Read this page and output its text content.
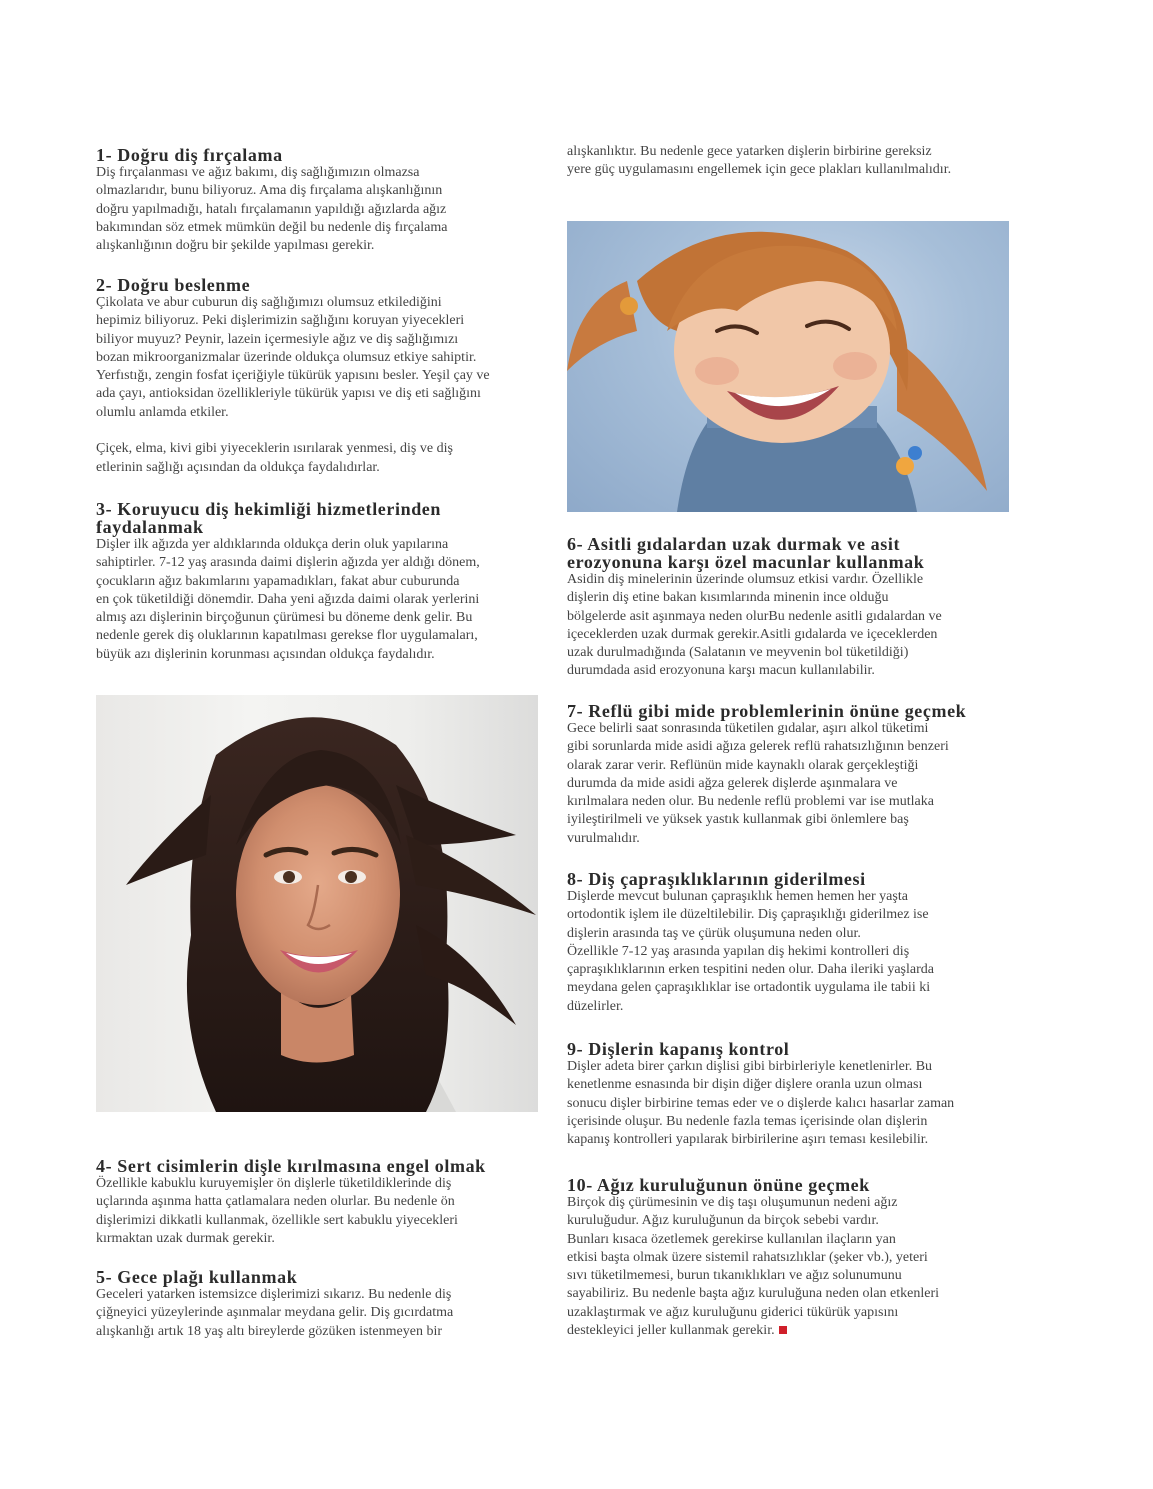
1- Doğru diş fırçalama

Diş fırçalanması ve ağız bakımı, diş sağlığımızın olmazsa
olmazlarıdır, bunu biliyoruz. Ama diş fırçalama alışkanlığının
doğru yapılmadığı, hatalı fırçalamanın yapıldığı ağızlarda ağız
bakımından söz etmek mümkün değil bu nedenle diş fırçalama
alışkanlığının doğru bir şekilde yapılması gerekir.

2- Doğru beslenme

Çikolata ve abur cuburun diş sağlığımızı olumsuz etkilediğini
hepimiz biliyoruz. Peki dişlerimizin sağlığını koruyan yiyecekleri
biliyor muyuz? Peynir, lazein içermesiyle ağız ve diş sağlığımızı
bozan mikroorganizmalar üzerinde oldukça olumsuz etkiye sahiptir.
Yerfıstığı, zengin fosfat içeriğiyle tükürük yapısını besler. Yeşil çay ve
ada çayı, antioksidan özellikleriyle tükürük yapısı ve diş eti sağlığını
olumlu anlamda etkiler.

Çiçek, elma, kivi gibi yiyeceklerin ısırılarak yenmesi, diş ve diş
etlerinin sağlığı açısından da oldukça faydalıdırlar.

3- Koruyucu diş hekimliği hizmetlerinden
faydalanmak

Dişler ilk ağızda yer aldıklarında oldukça derin oluk yapılarına
sahiptirler. 7-12 yaş arasında daimi dişlerin ağızda yer aldığı dönem,
çocukların ağız bakımlarını yapamadıkları, fakat abur cuburunda
en çok tüketildiği dönemdir. Daha yeni ağızda daimi olarak yerlerini
almış azı dişlerinin birçoğunun çürümesi bu döneme denk gelir. Bu
nedenle gerek diş oluklarının kapatılması gerekse flor uygulamaları,
büyük azı dişlerinin korunması açısından oldukça faydalıdır.

4- Sert cisimlerin dişle kırılmasına engel olmak

Özellikle kabuklu kuruyemişler ön dişlerle tüketildiklerinde diş
uçlarında aşınma hatta çatlamalara neden olurlar. Bu nedenle ön
dişlerimizi dikkatli kullanmak, özellikle sert kabuklu yiyecekleri
kırmaktan uzak durmak gerekir.

5- Gece plağı kullanmak

Geceleri yatarken istemsizce dişlerimizi sıkarız. Bu nedenle diş
çiğneyici yüzeylerinde aşınmalar meydana gelir. Diş gıcırdatma
alışkanlığı artık 18 yaş altı bireylerde gözüken istenmeyen bir

alışkanlıktır. Bu nedenle gece yatarken dişlerin birbirine gereksiz
yere güç uygulamasını engellemek için gece plakları kullanılmalıdır.

6- Asitli gıdalardan uzak durmak ve asit
erozyonuna karşı özel macunlar kullanmak

Asidin diş minelerinin üzerinde olumsuz etkisi vardır. Özellikle
dişlerin diş etine bakan kısımlarında minenin ince olduğu
bölgelerde asit aşınmaya neden olurBu nedenle asitli gıdalardan ve
içeceklerden uzak durmak gerekir.Asitli gıdalarda ve içeceklerden
uzak durulmadığında (Salatanın ve meyvenin bol tüketildiği)
durumdada asid erozyonuna karşı macun kullanılabilir.

7- Reflü gibi mide problemlerinin önüne geçmek

Gece belirli saat sonrasında tüketilen gıdalar, aşırı alkol tüketimi
gibi sorunlarda mide asidi ağıza gelerek reflü rahatsızlığının benzeri
olarak zarar verir. Reflünün mide kaynaklı olarak gerçekleştiği
durumda da mide asidi ağza gelerek dişlerde aşınmalara ve
kırılmalara neden olur. Bu nedenle reflü problemi var ise mutlaka
iyileştirilmeli ve yüksek yastık kullanmak gibi önlemlere baş
vurulmalıdır.

8- Diş çapraşıklıklarının giderilmesi

Dişlerde mevcut bulunan çapraşıklık hemen hemen her yaşta
ortodontik işlem ile düzeltilebilir. Diş çapraşıklığı giderilmez ise
dişlerin arasında taş ve çürük oluşumuna neden olur.
Özellikle 7-12 yaş arasında yapılan diş hekimi kontrolleri diş
çapraşıklıklarının erken tespitini neden olur. Daha ileriki yaşlarda
meydana gelen çapraşıklıklar ise ortadontik uygulama ile tabii ki
düzelirler.

9- Dişlerin kapanış kontrol

Dişler adeta birer çarkın dişlisi gibi birbirleriyle kenetlenirler. Bu
kenetlenme esnasında bir dişin diğer dişlere oranla uzun olması
sonucu dişler birbirine temas eder ve o dişlerde kalıcı hasarlar zaman
içerisinde oluşur. Bu nedenle fazla temas içerisinde olan dişlerin
kapanış kontrolleri yapılarak birbirilerine aşırı teması kesilebilir.

10- Ağız kuruluğunun önüne geçmek

Birçok diş çürümesinin ve diş taşı oluşumunun nedeni ağız
kuruluğudur. Ağız kuruluğunun da birçok sebebi vardır.
Bunları kısaca özetlemek gerekirse kullanılan ilaçların yan
etkisi başta olmak üzere sistemil rahatsızlıklar (şeker vb.), yeteri
sıvı tüketilmemesi, burun tıkanıklıkları ve ağız solunumunu
sayabiliriz. Bu nedenle başta ağız kuruluğuna neden olan etkenleri
uzaklaştırmak ve ağız kuruluğunu giderici tükürük yapısını
destekleyici jeller kullanmak gerekir.
